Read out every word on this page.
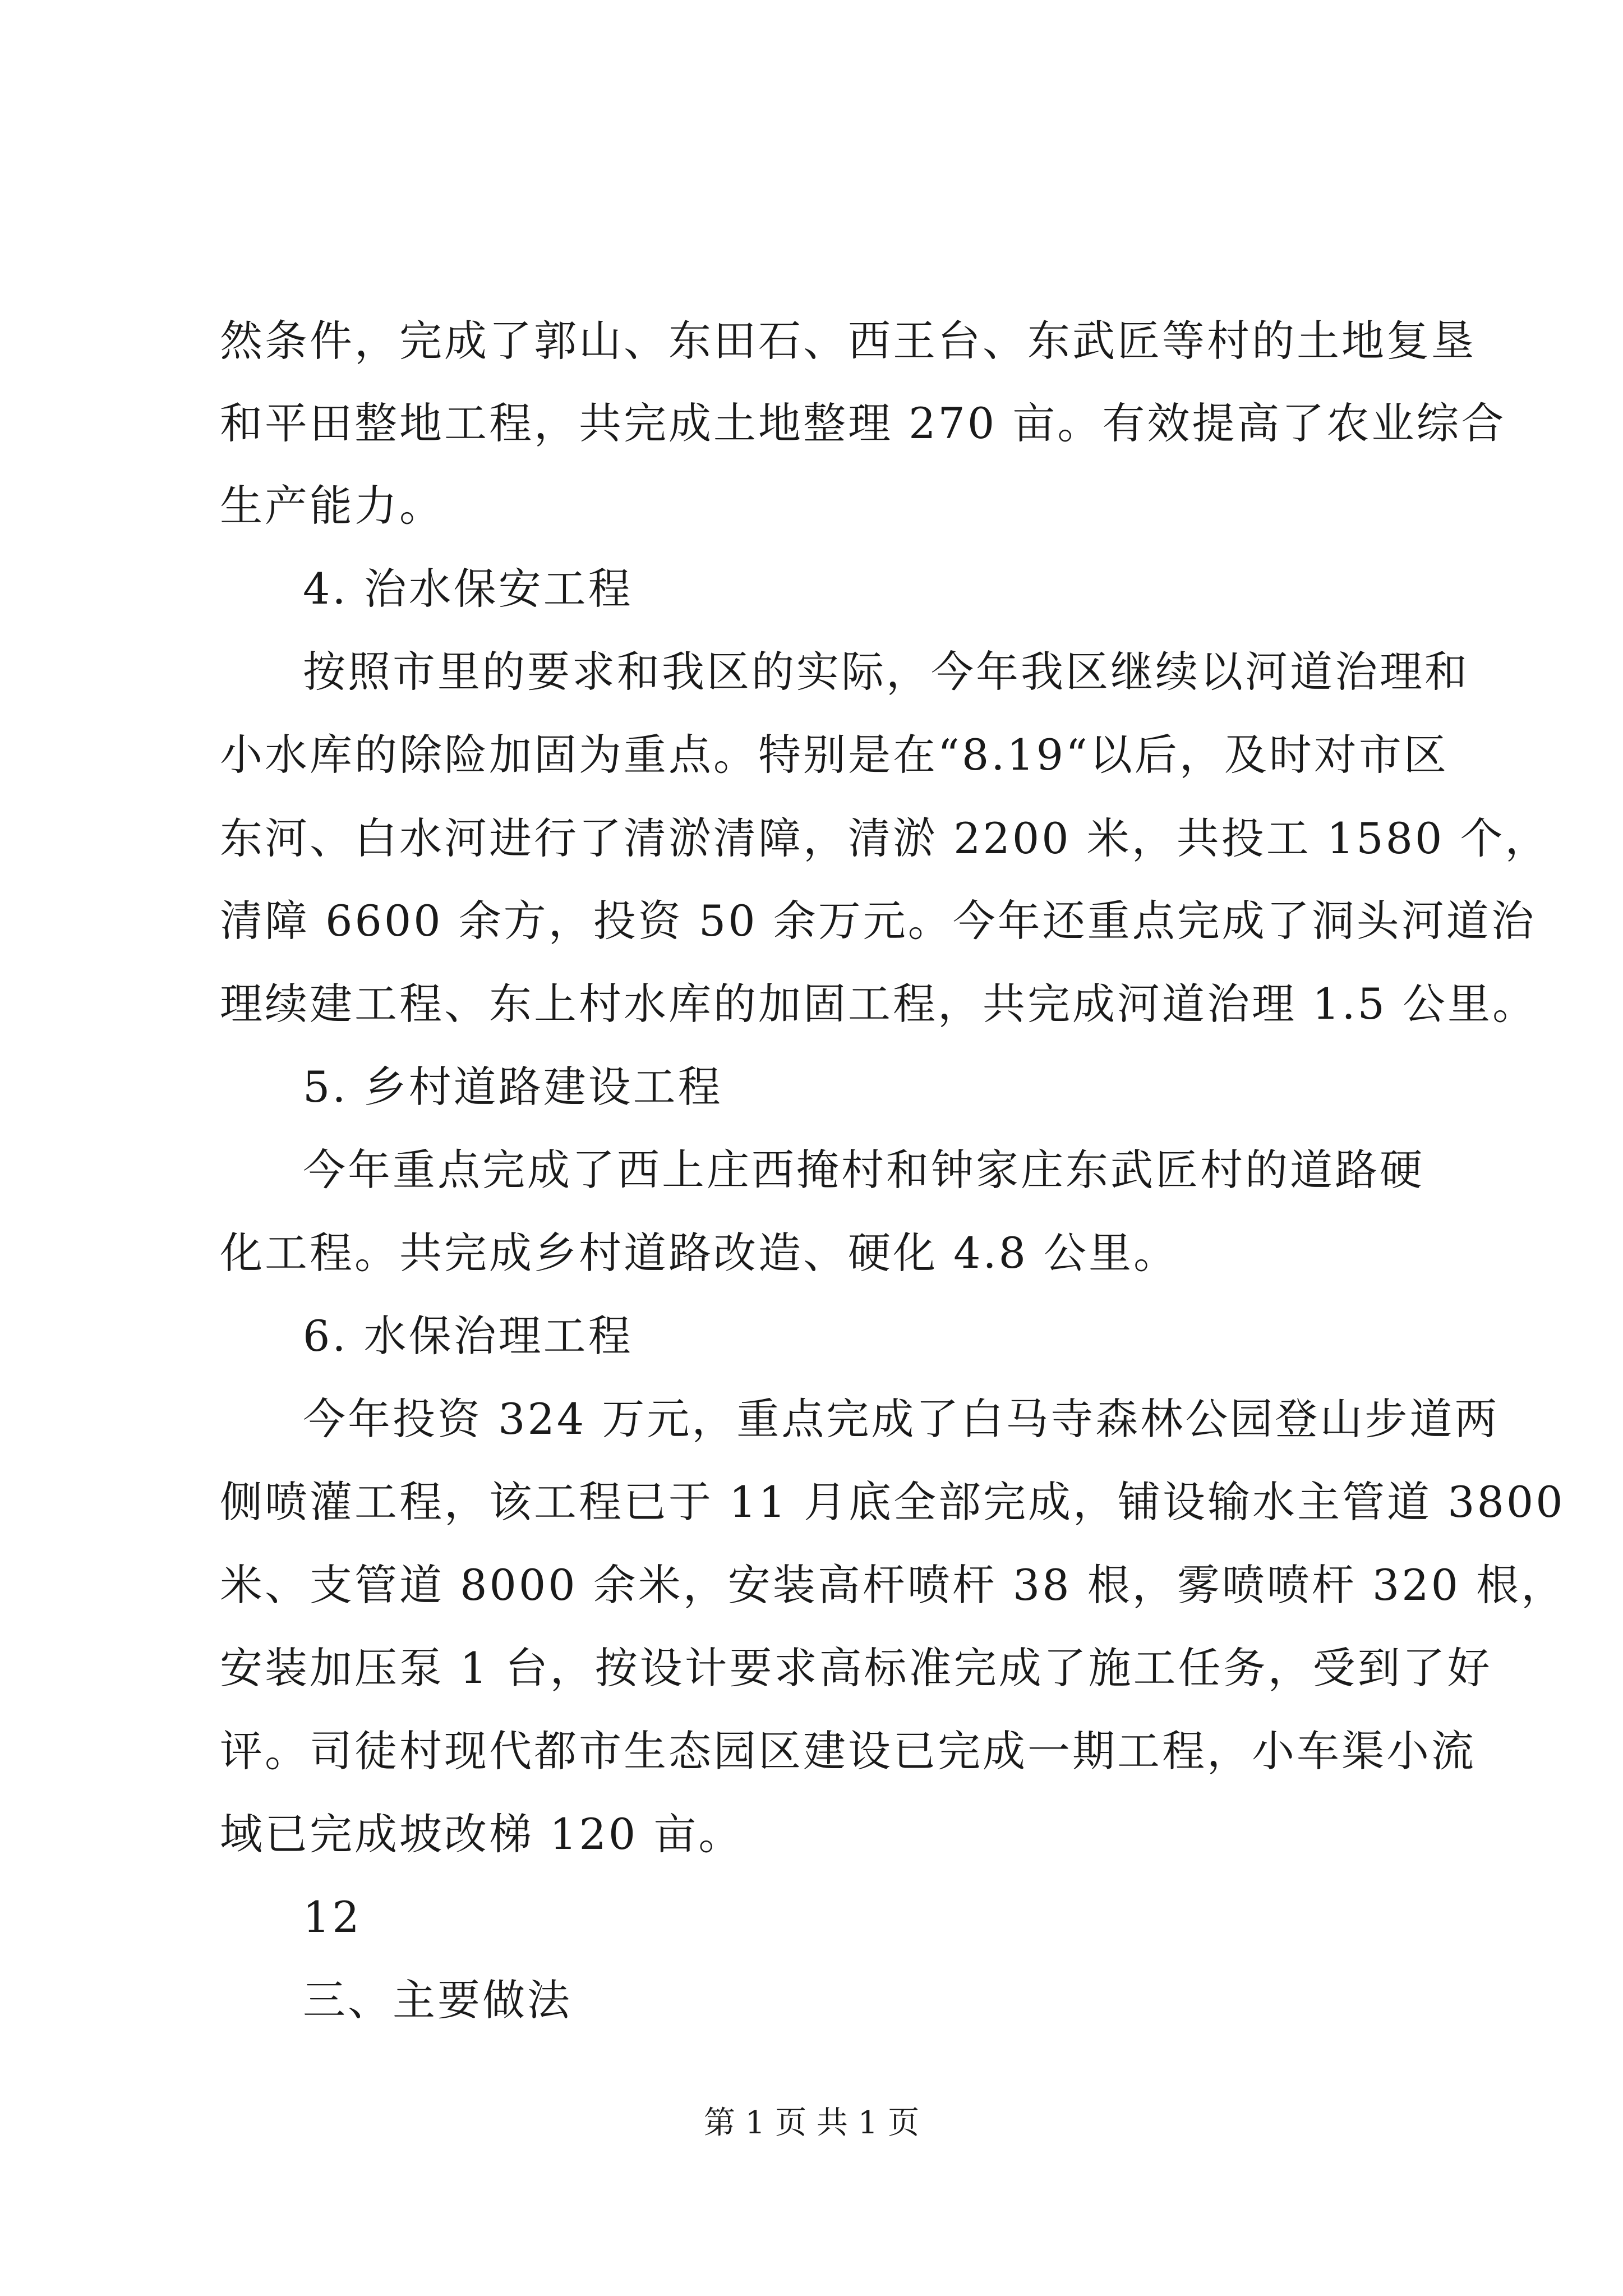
然条件，完成了郭山、东田石、西王台、东武匠等村的土地复垦
和平田整地工程，共完成土地整理 270 亩。有效提高了农业综合
生产能力。
4. 治水保安工程
按照市里的要求和我区的实际，今年我区继续以河道治理和
小水库的除险加固为重点。特别是在“8.19“以后，及时对市区
东河、白水河进行了清淤清障，清淤 2200 米，共投工 1580 个，
清障 6600 余方，投资 50 余万元。今年还重点完成了洞头河道治
理续建工程、东上村水库的加固工程，共完成河道治理 1.5 公里。
5. 乡村道路建设工程
今年重点完成了西上庄西掩村和钟家庄东武匠村的道路硬
化工程。共完成乡村道路改造、硬化 4.8 公里。
6. 水保治理工程
今年投资 324 万元，重点完成了白马寺森林公园登山步道两
侧喷灌工程，该工程已于 11 月底全部完成，铺设输水主管道 3800
米、支管道 8000 余米，安装高杆喷杆 38 根，雾喷喷杆 320 根，
安装加压泵 1 台，按设计要求高标准完成了施工任务，受到了好
评。司徒村现代都市生态园区建设已完成一期工程，小车渠小流
域已完成坡改梯 120 亩。
12
三、主要做法
第 1 页 共 1 页
